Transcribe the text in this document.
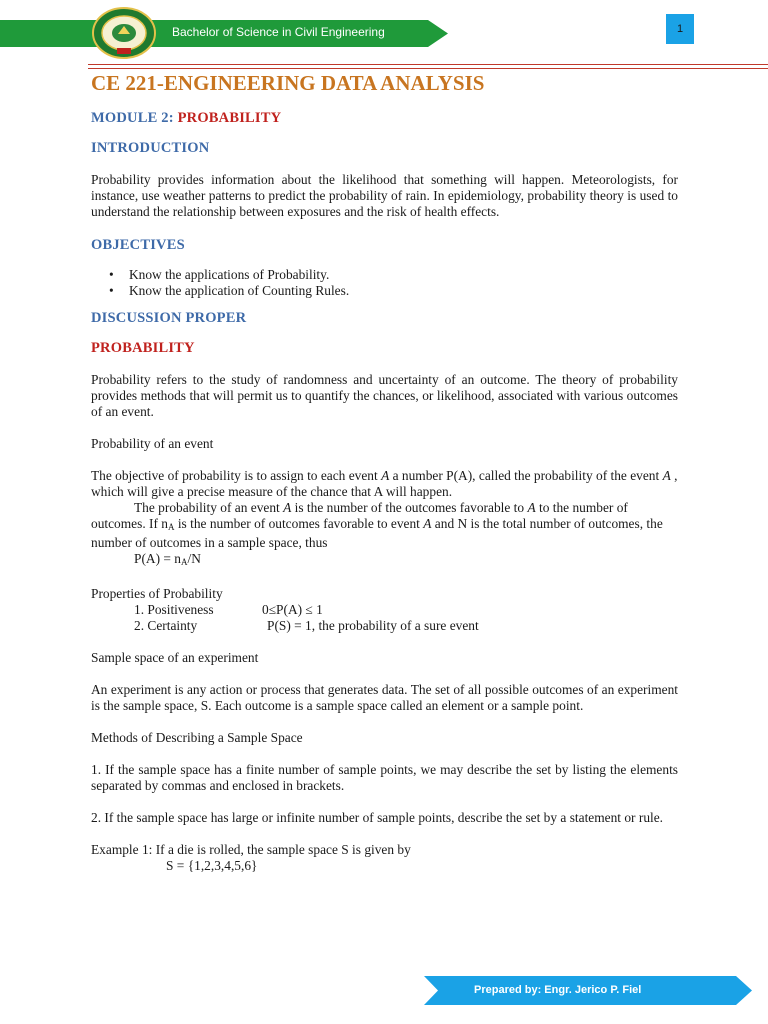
Bachelor of Science in Civil Engineering	1
CE 221-ENGINEERING DATA ANALYSIS

MODULE 2: PROBABILITY

INTRODUCTION

Probability provides information about the likelihood that something will happen. Meteorologists, for instance, use weather patterns to predict the probability of rain. In epidemiology, probability theory is used to understand the relationship between exposures and the risk of health effects.

OBJECTIVES

• Know the applications of Probability.
• Know the application of Counting Rules.

DISCUSSION PROPER

PROBABILITY

Probability refers to the study of randomness and uncertainty of an outcome. The theory of probability provides methods that will permit us to quantify the chances, or likelihood, associated with various outcomes of an event.

Probability of an event

The objective of probability is to assign to each event A a number P(A), called the probability of the event A , which will give a precise measure of the chance that A will happen.

The probability of an event A is the number of the outcomes favorable to A to the number of outcomes. If $n_A$ is the number of outcomes favorable to event A and N is the total number of outcomes, the number of outcomes in a sample space, thus

$P(A) = n_A/N$

Properties of Probability

1. Positiveness	0≤P(A) ≤ 1
2. Certainty	P(S) = 1, the probability of a sure event

Sample space of an experiment

An experiment is any action or process that generates data. The set of all possible outcomes of an experiment is the sample space, S. Each outcome is a sample space called an element or a sample point.

Methods of Describing a Sample Space

1. If the sample space has a finite number of sample points, we may describe the set by listing the elements separated by commas and enclosed in brackets.

2. If the sample space has large or infinite number of sample points, describe the set by a statement or rule.

Example 1: If a die is rolled, the sample space S is given by

S = {1,2,3,4,5,6}

Prepared by: Engr. Jerico P. Fiel
